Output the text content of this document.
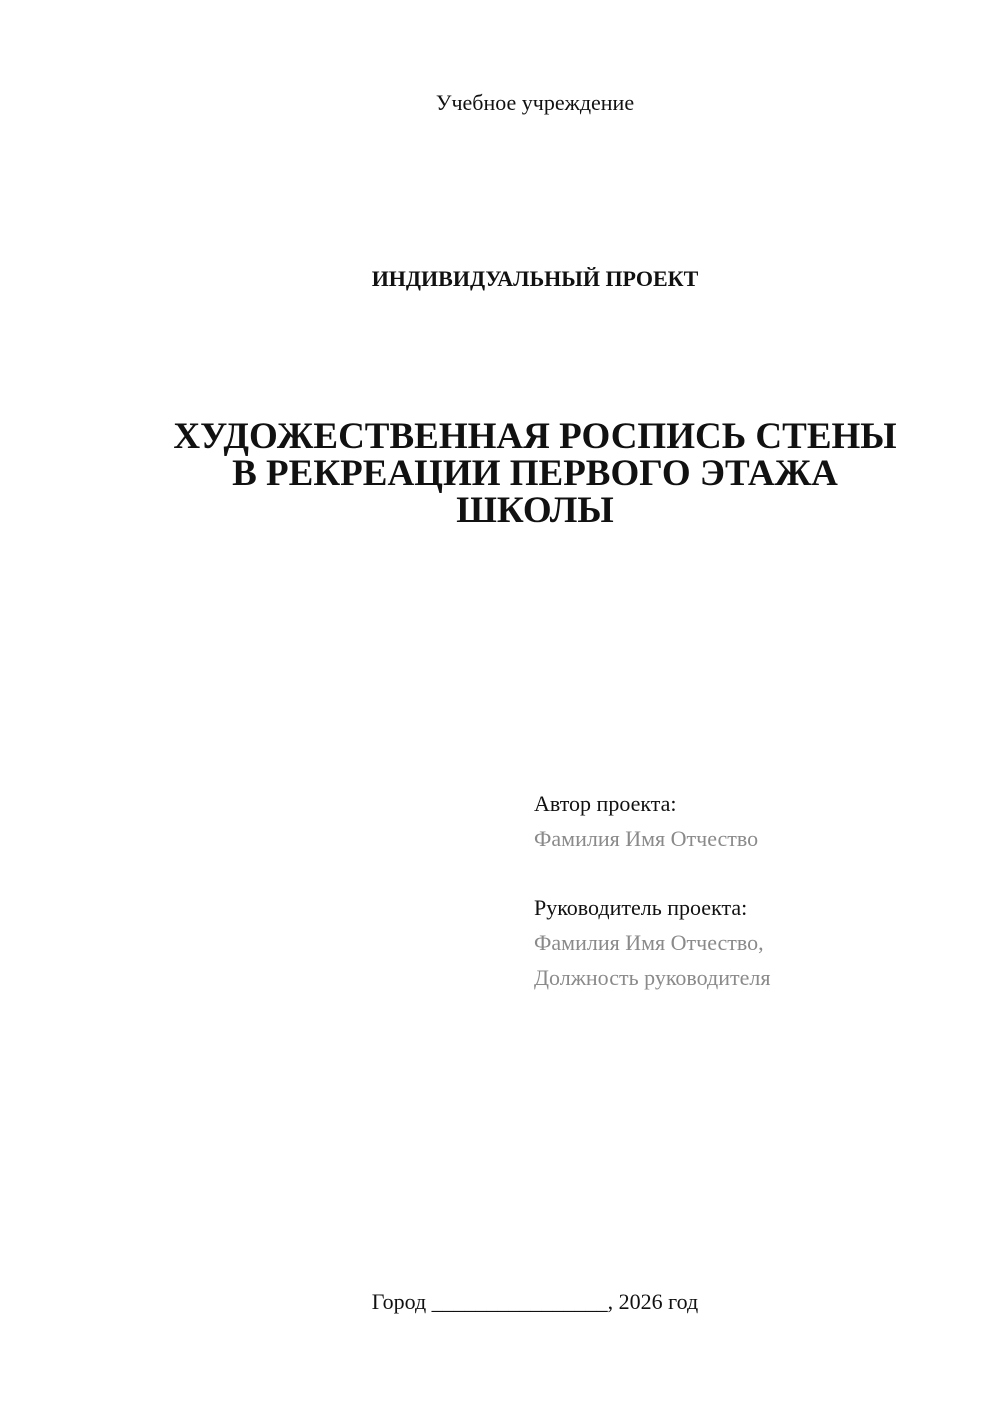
Учебное учреждение
ИНДИВИДУАЛЬНЫЙ ПРОЕКТ
ХУДОЖЕСТВЕННАЯ РОСПИСЬ СТЕНЫ
В РЕКРЕАЦИИ ПЕРВОГО ЭТАЖА
ШКОЛЫ
Автор проекта:
Фамилия Имя Отчество
Руководитель проекта:
Фамилия Имя Отчество,
Должность руководителя
Город ________________, 2026 год
